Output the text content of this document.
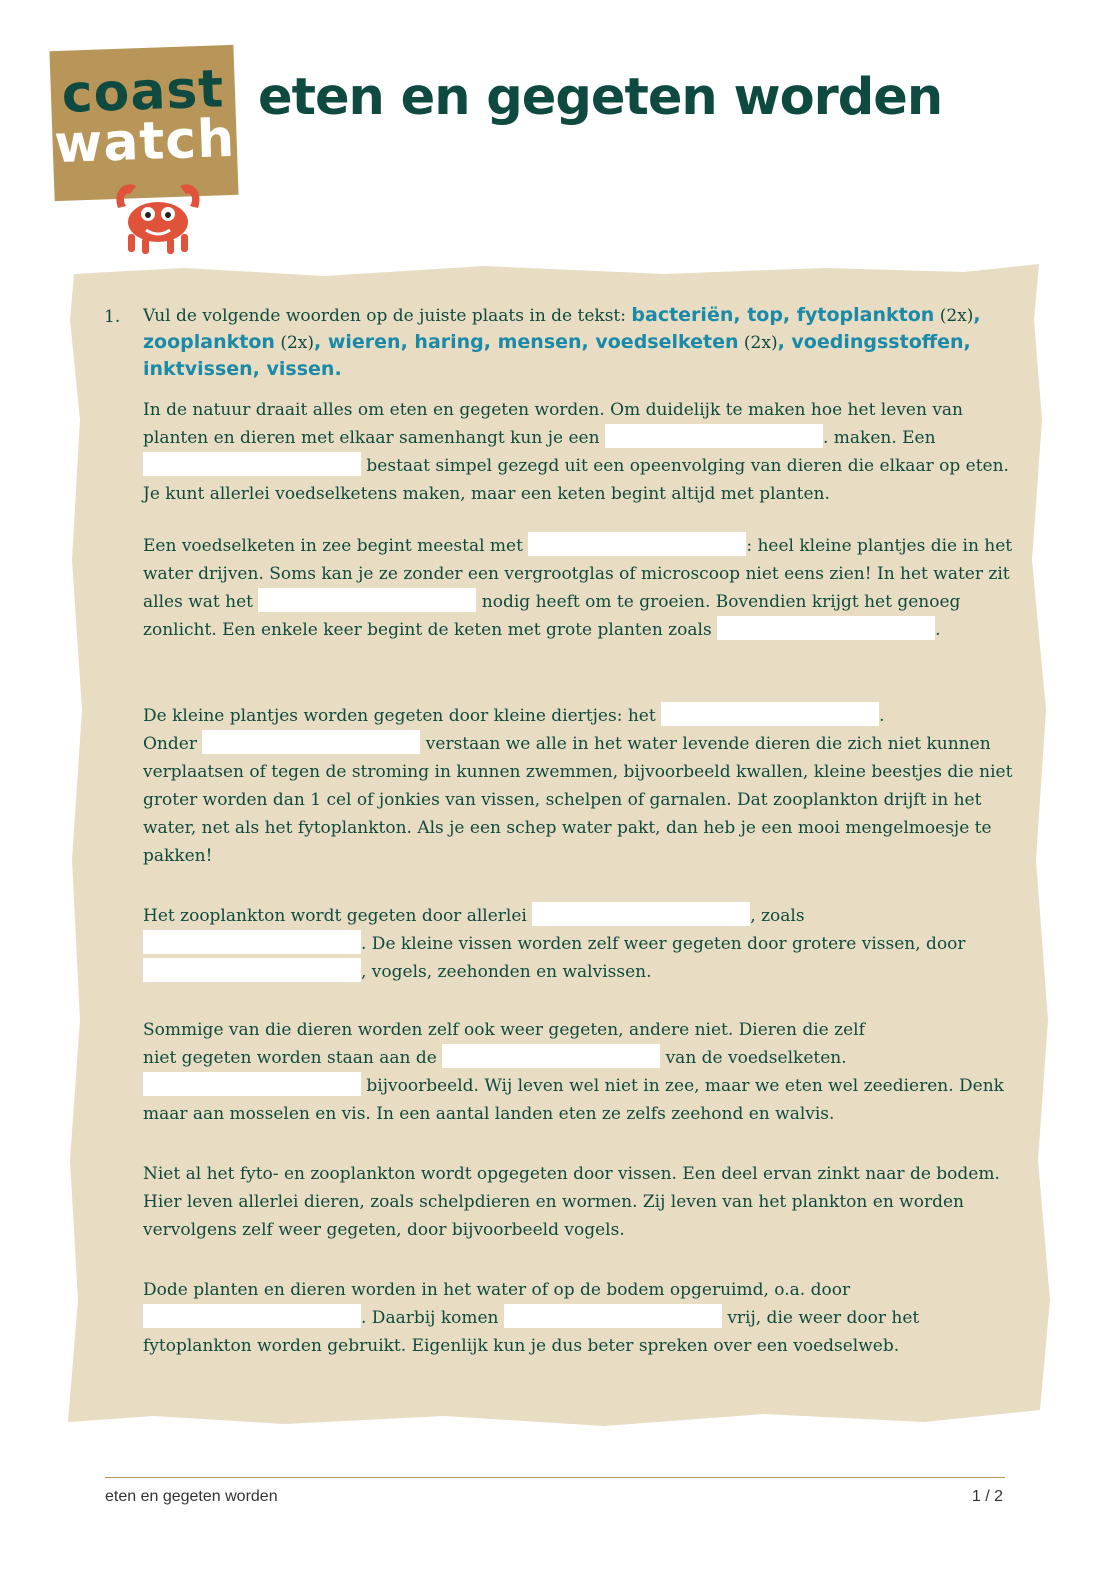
coast
watch
eten en gegeten worden
1. Vul de volgende woorden op de juiste plaats in de tekst: bacteriën, top, fytoplankton (2x), zooplankton (2x), wieren, haring, mensen, voedselketen (2x), voedingsstoffen, inktvissen, vissen.
In de natuur draait alles om eten en gegeten worden. Om duidelijk te maken hoe het leven van planten en dieren met elkaar samenhangt kun je een	. maken. Een  bestaat simpel gezegd uit een opeenvolging van dieren die elkaar op eten. Je kunt allerlei voedselketens maken, maar een keten begint altijd met planten.
Een voedselketen in zee begint meestal met	: heel kleine plantjes die in het water drijven. Soms kan je ze zonder een vergrootglas of microscoop niet eens zien! In het water zit alles wat het	nodig heeft om te groeien. Bovendien krijgt het genoeg zonlicht. Een enkele keer begint de keten met grote planten zoals	.
De kleine plantjes worden gegeten door kleine diertjes: het	.
Onder	verstaan we alle in het water levende dieren die zich niet kunnen verplaatsen of tegen de stroming in kunnen zwemmen, bijvoorbeeld kwallen, kleine beestjes die niet groter worden dan 1 cel of jonkies van vissen, schelpen of garnalen. Dat zooplankton drijft in het water, net als het fytoplankton. Als je een schep water pakt, dan heb je een mooi mengelmoesje te pakken!
Het zooplankton wordt gegeten door allerlei	, zoals
. De kleine vissen worden zelf weer gegeten door grotere vissen, door
, vogels, zeehonden en walvissen.
Sommige van die dieren worden zelf ook weer gegeten, andere niet. Dieren die zelf
niet gegeten worden staan aan de	van de voedselketen.
bijvoorbeeld. Wij leven wel niet in zee, maar we eten wel zeedieren. Denk maar aan mosselen en vis. In een aantal landen eten ze zelfs zeehond en walvis.
Niet al het fyto- en zooplankton wordt opgegeten door vissen. Een deel ervan zinkt naar de bodem. Hier leven allerlei dieren, zoals schelpdieren en wormen. Zij leven van het plankton en worden vervolgens zelf weer gegeten, door bijvoorbeeld vogels.
Dode planten en dieren worden in het water of op de bodem opgeruimd, o.a. door
. Daarbij komen	vrij, die weer door het fytoplankton worden gebruikt. Eigenlijk kun je dus beter spreken over een voedselweb.
eten en gegeten worden	1 / 2
